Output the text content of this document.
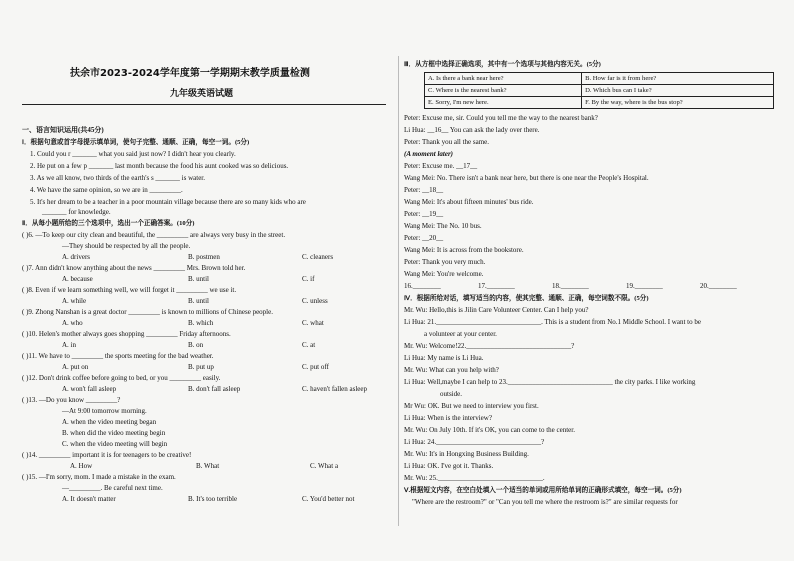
扶余市2023-2024学年度第一学期期末教学质量检测
九年级英语试题
一、语言知识运用(共45分)
Ⅰ．根据句意或首字母提示填单词，使句子完整、通顺、正确，每空一词。(5分)
1. Could you r _______ what you said just now? I didn't hear you clearly.
2. He put on a few p _______ last month because the food his aunt cooked was so delicious.
3. As we all know, two thirds of the earth's s _______ is water.
4. We have the same opinion, so we are in _________.
5. It's her dream to be a teacher in a poor mountain village because there are so many kids who are
_______ for knowledge.
Ⅱ．从每小题所给的三个选项中，选出一个正确答案。(10分)
( )6. —To keep our city clean and beautiful, the _________ are always very busy in the street.
—They should be respected by all the people.
A. drivers	B. postmen	C. cleaners
( )7. Ann didn't know anything about the news _________ Mrs. Brown told her.
A. because	B. until	C. if
( )8. Even if we learn something well, we will forget it _________ we use it.
A. while	B. until	C. unless
( )9. Zhong Nanshan is a great doctor _________ is known to millions of Chinese people.
A. who	B. which	C. what
( )10. Helen's mother always goes shopping _________ Friday afternoons.
A. in	B. on	C. at
( )11. We have to _________ the sports meeting for the bad weather.
A. put on	B. put up	C. put off
( )12. Don't drink coffee before going to bed, or you _________ easily.
A. won't fall asleep	B. don't fall asleep	C. haven't fallen asleep
( )13. —Do you know _________?
—At 9:00 tomorrow morning.
A. when the video meeting began
B. when did the video meeting begin
C. when the video meeting will begin
( )14. _________ important it is for teenagers to be creative!
A. How	B. What	C. What a
( )15. —I'm sorry, mom. I made a mistake in the exam.
—_________. Be careful next time.
A. It doesn't matter	B. It's too terrible	C. You'd better not
Ⅲ．从方框中选择正确选项，其中有一个选项与其他内容无关。(5分)
A. Is there a bank near here?	B. How far is it from here?
C. Where is the nearest bank?	D. Which bus can I take?
E. Sorry, I'm new here.	F. By the way, where is the bus stop?
Peter: Excuse me, sir. Could you tell me the way to the nearest bank?
Li Hua: __16__ You can ask the lady over there.
Peter: Thank you all the same.
(A moment later)
Peter: Excuse me. __17__
Wang Mei: No. There isn't a bank near here, but there is one near the People's Hospital.
Peter: __18__
Wang Mei: It's about fifteen minutes' bus ride.
Peter: __19__
Wang Mei: The No. 10 bus.
Peter: __20__
Wang Mei: It is across from the bookstore.
Peter: Thank you very much.
Wang Mei: You're welcome.
16.________	17.________	18.________	19.________	20.________
Ⅳ．根据所给对话，填写适当的内容，使其完整、通顺、正确，每空词数不限。(5分)
Mr. Wu: Hello,this is Jilin Care Volunteer Center. Can I help you?
Li Hua: 21.______________________________. This is a student from No.1 Middle School. I want to be
a volunteer at your center.
Mr. Wu: Welcome!22.______________________________?
Li Hua: My name is Li Hua.
Mr. Wu: What can you help with?
Li Hua: Well,maybe I can help to 23.______________________________ the city parks. I like working
outside.
Mr Wu: OK. But we need to interview you first.
Li Hua: When is the interview?
Mr. Wu: On July 10th. If it's OK, you can come to the center.
Li Hua: 24.______________________________?
Mr. Wu: It's in Hongxing Business Building.
Li Hua: OK. I've got it. Thanks.
Mr. Wu: 25.______________________________.
Ⅴ.根据短文内容，在空白处填入一个适当的单词或用所给单词的正确形式填空，每空一词。(5分)
"Where are the restroom?" or "Can you tell me where the restroom is?" are similar requests for
